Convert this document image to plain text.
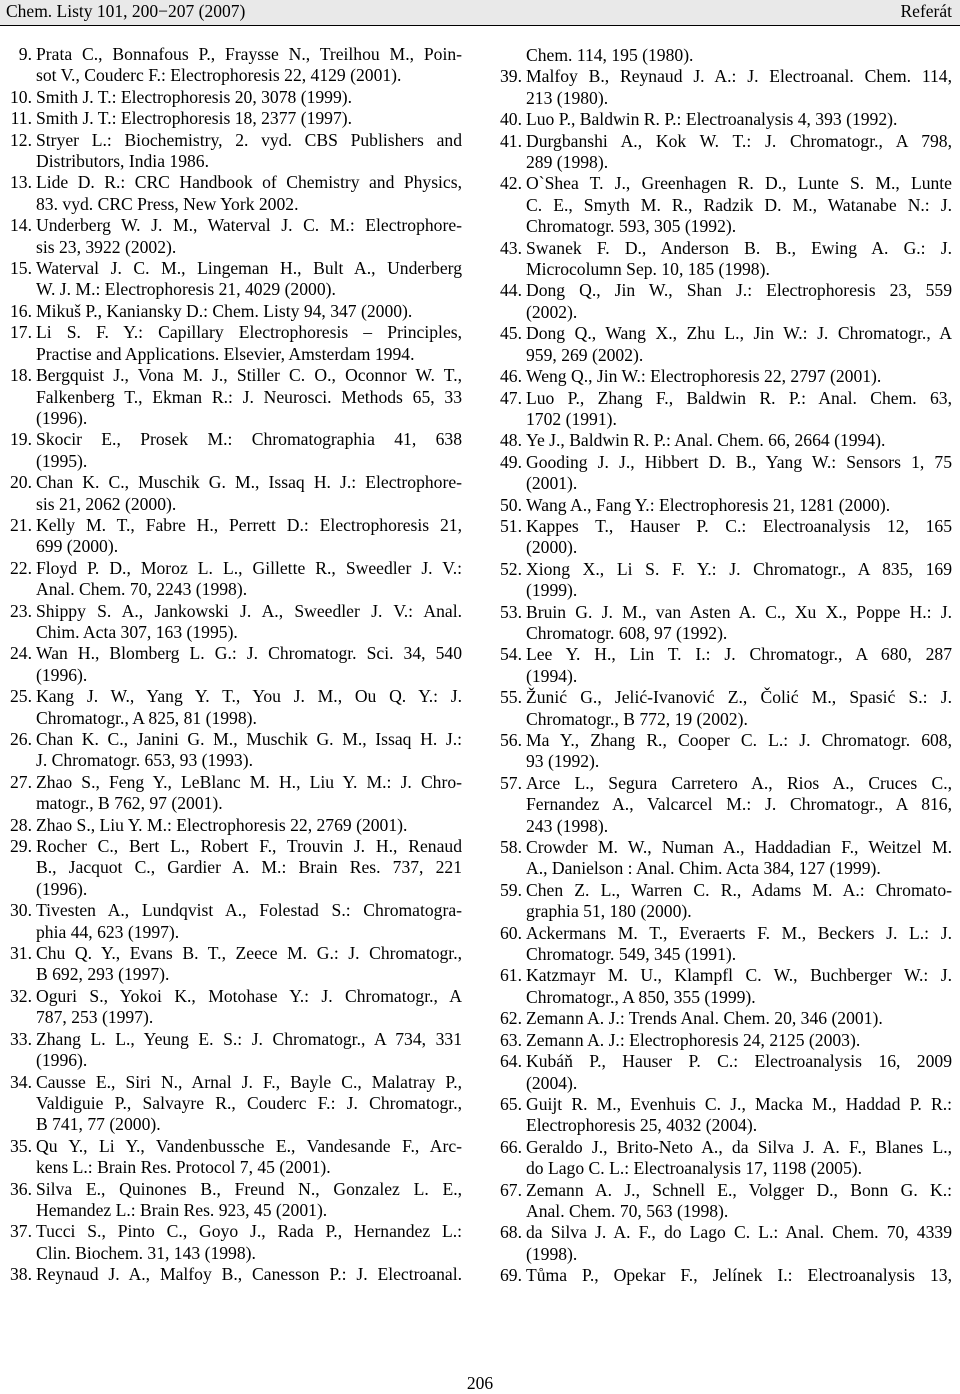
Chem. Listy 101, 200−207 (2007)	Referát
9. Prata C., Bonnafous P., Fraysse N., Treilhou M., Poin-
sot V., Couderc F.: Electrophoresis 22, 4129 (2001).
10. Smith J. T.: Electrophoresis 20, 3078 (1999).
11. Smith J. T.: Electrophoresis 18, 2377 (1997).
12. Stryer L.: Biochemistry, 2. vyd. CBS Publishers and
Distributors, India 1986.
13. Lide D. R.: CRC Handbook of Chemistry and Physics,
83. vyd. CRC Press, New York 2002.
14. Underberg W. J. M., Waterval J. C. M.: Electrophore-
sis 23, 3922 (2002).
15. Waterval J. C. M., Lingeman H., Bult A., Underberg
W. J. M.: Electrophoresis 21, 4029 (2000).
16. Mikuš P., Kaniansky D.: Chem. Listy 94, 347 (2000).
17. Li S. F. Y.: Capillary Electrophoresis – Principles,
Practise and Applications. Elsevier, Amsterdam 1994.
18. Bergquist J., Vona M. J., Stiller C. O., Oconnor W. T.,
Falkenberg T., Ekman R.: J. Neurosci. Methods 65, 33
(1996).
19. Skocir E., Prosek M.: Chromatographia 41, 638
(1995).
20. Chan K. C., Muschik G. M., Issaq H. J.: Electrophore-
sis 21, 2062 (2000).
21. Kelly M. T., Fabre H., Perrett D.: Electrophoresis 21,
699 (2000).
22. Floyd P. D., Moroz L. L., Gillette R., Sweedler J. V.:
Anal. Chem. 70, 2243 (1998).
23. Shippy S. A., Jankowski J. A., Sweedler J. V.: Anal.
Chim. Acta 307, 163 (1995).
24. Wan H., Blomberg L. G.: J. Chromatogr. Sci. 34, 540
(1996).
25. Kang J. W., Yang Y. T., You J. M., Ou Q. Y.: J.
Chromatogr., A 825, 81 (1998).
26. Chan K. C., Janini G. M., Muschik G. M., Issaq H. J.:
J. Chromatogr. 653, 93 (1993).
27. Zhao S., Feng Y., LeBlanc M. H., Liu Y. M.: J. Chro-
matogr., B 762, 97 (2001).
28. Zhao S., Liu Y. M.: Electrophoresis 22, 2769 (2001).
29. Rocher C., Bert L., Robert F., Trouvin J. H., Renaud
B., Jacquot C., Gardier A. M.: Brain Res. 737, 221
(1996).
30. Tivesten A., Lundqvist A., Folestad S.: Chromatogra-
phia 44, 623 (1997).
31. Chu Q. Y., Evans B. T., Zeece M. G.: J. Chromatogr.,
B 692, 293 (1997).
32. Oguri S., Yokoi K., Motohase Y.: J. Chromatogr., A
787, 253 (1997).
33. Zhang L. L., Yeung E. S.: J. Chromatogr., A 734, 331
(1996).
34. Causse E., Siri N., Arnal J. F., Bayle C., Malatray P.,
Valdiguie P., Salvayre R., Couderc F.: J. Chromatogr.,
B 741, 77 (2000).
35. Qu Y., Li Y., Vandenbussche E., Vandesande F., Arc-
kens L.: Brain Res. Protocol 7, 45 (2001).
36. Silva E., Quinones B., Freund N., Gonzalez L. E.,
Hemandez L.: Brain Res. 923, 45 (2001).
37. Tucci S., Pinto C., Goyo J., Rada P., Hernandez L.:
Clin. Biochem. 31, 143 (1998).
38. Reynaud J. A., Malfoy B., Canesson P.: J. Electroanal.
Chem. 114, 195 (1980).
39. Malfoy B., Reynaud J. A.: J. Electroanal. Chem. 114,
213 (1980).
40. Luo P., Baldwin R. P.: Electroanalysis 4, 393 (1992).
41. Durgbanshi A., Kok W. T.: J. Chromatogr., A 798,
289 (1998).
42. O`Shea T. J., Greenhagen R. D., Lunte S. M., Lunte
C. E., Smyth M. R., Radzik D. M., Watanabe N.: J.
Chromatogr. 593, 305 (1992).
43. Swanek F. D., Anderson B. B., Ewing A. G.: J.
Microcolumn Sep. 10, 185 (1998).
44. Dong Q., Jin W., Shan J.: Electrophoresis 23, 559
(2002).
45. Dong Q., Wang X., Zhu L., Jin W.: J. Chromatogr., A
959, 269 (2002).
46. Weng Q., Jin W.: Electrophoresis 22, 2797 (2001).
47. Luo P., Zhang F., Baldwin R. P.: Anal. Chem. 63,
1702 (1991).
48. Ye J., Baldwin R. P.: Anal. Chem. 66, 2664 (1994).
49. Gooding J. J., Hibbert D. B., Yang W.: Sensors 1, 75
(2001).
50. Wang A., Fang Y.: Electrophoresis 21, 1281 (2000).
51. Kappes T., Hauser P. C.: Electroanalysis 12, 165
(2000).
52. Xiong X., Li S. F. Y.: J. Chromatogr., A 835, 169
(1999).
53. Bruin G. J. M., van Asten A. C., Xu X., Poppe H.: J.
Chromatogr. 608, 97 (1992).
54. Lee Y. H., Lin T. I.: J. Chromatogr., A 680, 287
(1994).
55. Žunić G., Jelić-Ivanović Z., Čolić M., Spasić S.: J.
Chromatogr., B 772, 19 (2002).
56. Ma Y., Zhang R., Cooper C. L.: J. Chromatogr. 608,
93 (1992).
57. Arce L., Segura Carretero A., Rios A., Cruces C.,
Fernandez A., Valcarcel M.: J. Chromatogr., A 816,
243 (1998).
58. Crowder M. W., Numan A., Haddadian F., Weitzel M.
A., Danielson : Anal. Chim. Acta 384, 127 (1999).
59. Chen Z. L., Warren C. R., Adams M. A.: Chromato-
graphia 51, 180 (2000).
60. Ackermans M. T., Everaerts F. M., Beckers J. L.: J.
Chromatogr. 549, 345 (1991).
61. Katzmayr M. U., Klampfl C. W., Buchberger W.: J.
Chromatogr., A 850, 355 (1999).
62. Zemann A. J.: Trends Anal. Chem. 20, 346 (2001).
63. Zemann A. J.: Electrophoresis 24, 2125 (2003).
64. Kubáň P., Hauser P. C.: Electroanalysis 16, 2009
(2004).
65. Guijt R. M., Evenhuis C. J., Macka M., Haddad P. R.:
Electrophoresis 25, 4032 (2004).
66. Geraldo J., Brito-Neto A., da Silva J. A. F., Blanes L.,
do Lago C. L.: Electroanalysis 17, 1198 (2005).
67. Zemann A. J., Schnell E., Volgger D., Bonn G. K.:
Anal. Chem. 70, 563 (1998).
68. da Silva J. A. F., do Lago C. L.: Anal. Chem. 70, 4339
(1998).
69. Tůma P., Opekar F., Jelínek I.: Electroanalysis 13,
206
